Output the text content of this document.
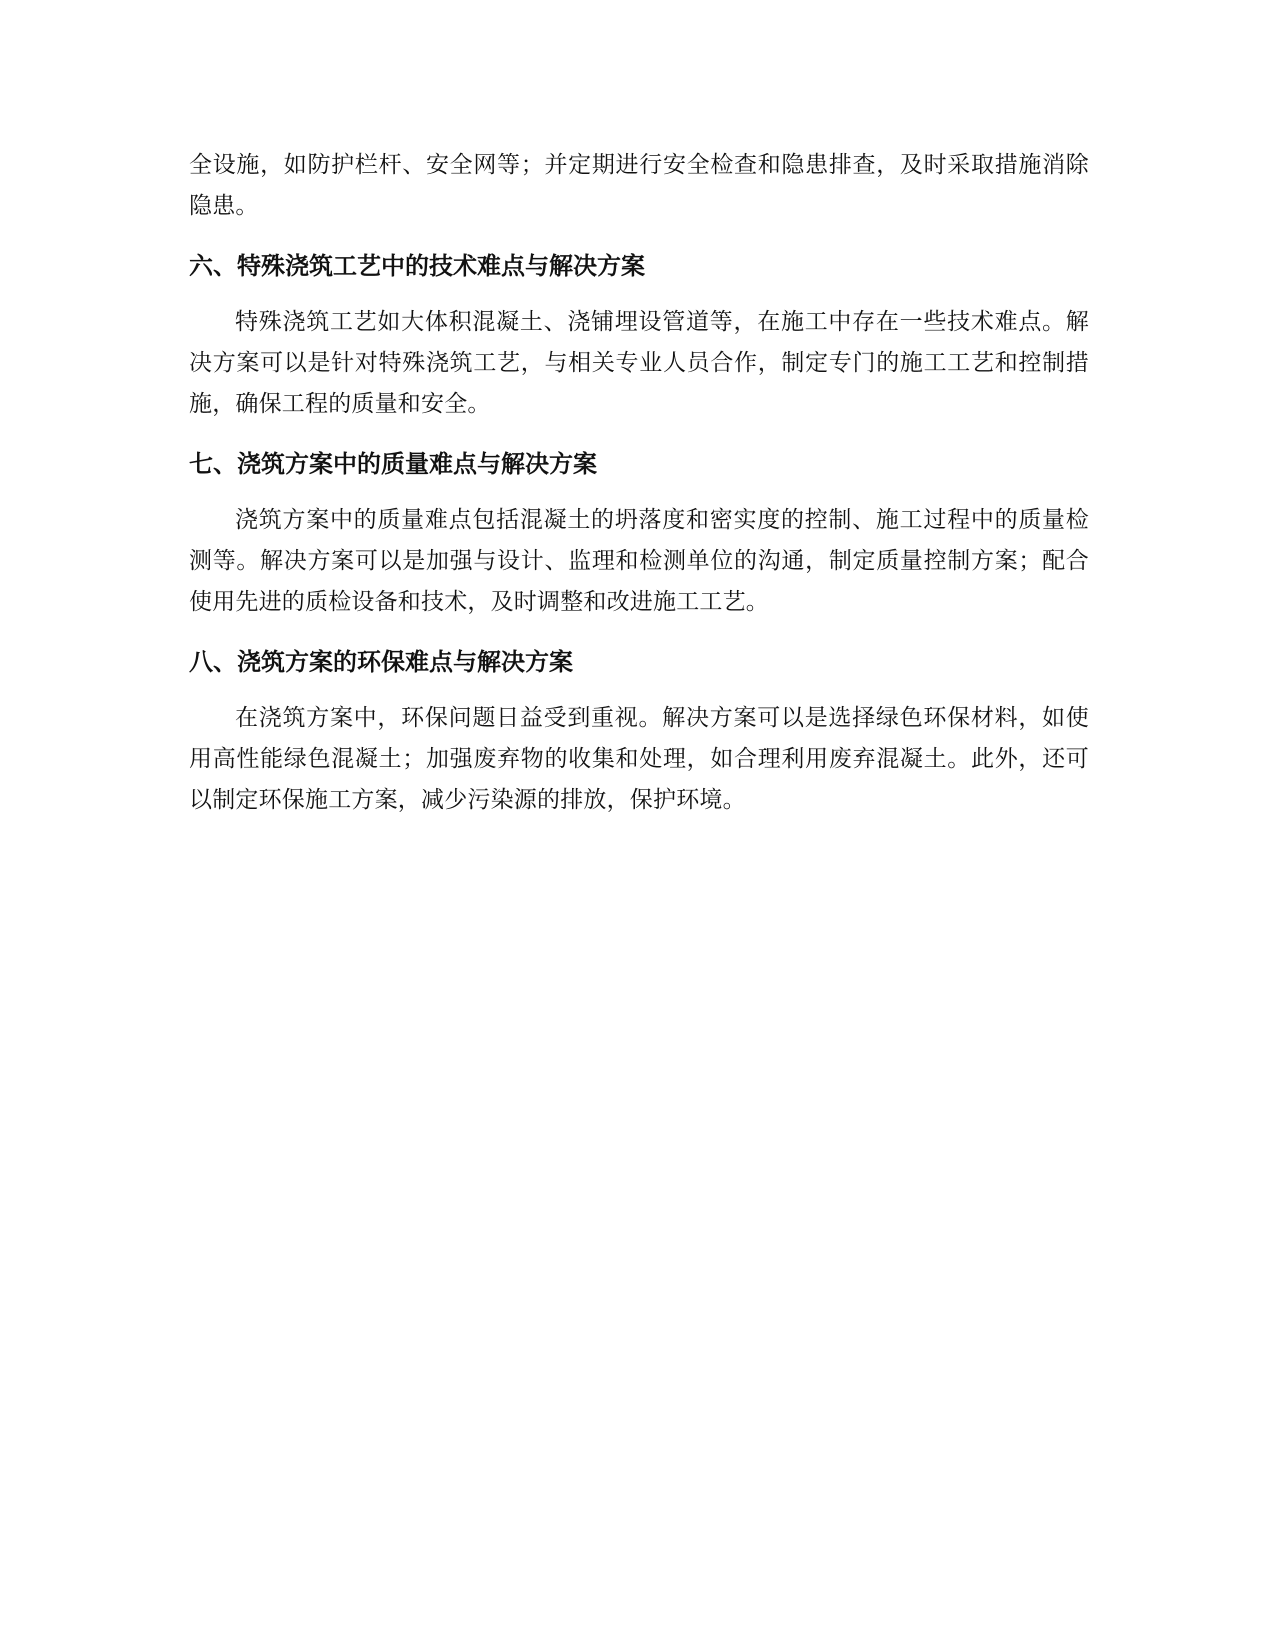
全设施，如防护栏杆、安全网等；并定期进行安全检查和隐患排查，及时采取措施消除隐患。

六、特殊浇筑工艺中的技术难点与解决方案

特殊浇筑工艺如大体积混凝土、浇铺埋设管道等，在施工中存在一些技术难点。解决方案可以是针对特殊浇筑工艺，与相关专业人员合作，制定专门的施工工艺和控制措施，确保工程的质量和安全。

七、浇筑方案中的质量难点与解决方案

浇筑方案中的质量难点包括混凝土的坍落度和密实度的控制、施工过程中的质量检测等。解决方案可以是加强与设计、监理和检测单位的沟通，制定质量控制方案；配合使用先进的质检设备和技术，及时调整和改进施工工艺。

八、浇筑方案的环保难点与解决方案

在浇筑方案中，环保问题日益受到重视。解决方案可以是选择绿色环保材料，如使用高性能绿色混凝土；加强废弃物的收集和处理，如合理利用废弃混凝土。此外，还可以制定环保施工方案，减少污染源的排放，保护环境。
